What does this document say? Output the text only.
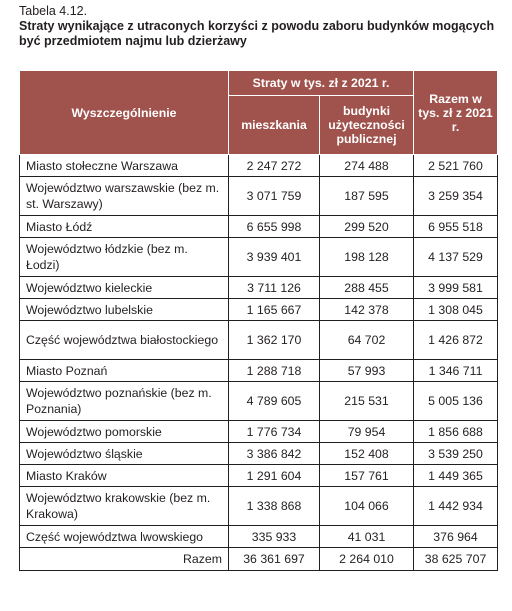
Tabela 4.12.
Straty wynikające z utraconych korzyści z powodu zaboru budynków mogących być przedmiotem najmu lub dzierżawy
Wyszczególnienie	Straty w tys. zł z 2021 r.		Razem w tys. zł z 2021 r.
	mieszkania	budynki użyteczności publicznej	
Miasto stołeczne Warszawa	2 247 272	274 488	2 521 760
Województwo warszawskie (bez m. st. Warszawy)	3 071 759	187 595	3 259 354
Miasto Łódź	6 655 998	299 520	6 955 518
Województwo łódzkie (bez m. Łodzi)	3 939 401	198 128	4 137 529
Województwo kieleckie	3 711 126	288 455	3 999 581
Województwo lubelskie	1 165 667	142 378	1 308 045
Część województwa białostockiego	1 362 170	64 702	1 426 872
Miasto Poznań	1 288 718	57 993	1 346 711
Województwo poznańskie (bez m. Poznania)	4 789 605	215 531	5 005 136
Województwo pomorskie	1 776 734	79 954	1 856 688
Województwo śląskie	3 386 842	152 408	3 539 250
Miasto Kraków	1 291 604	157 761	1 449 365
Województwo krakowskie (bez m. Krakowa)	1 338 868	104 066	1 442 934
Część województwa lwowskiego	335 933	41 031	376 964
Razem	36 361 697	2 264 010	38 625 707
